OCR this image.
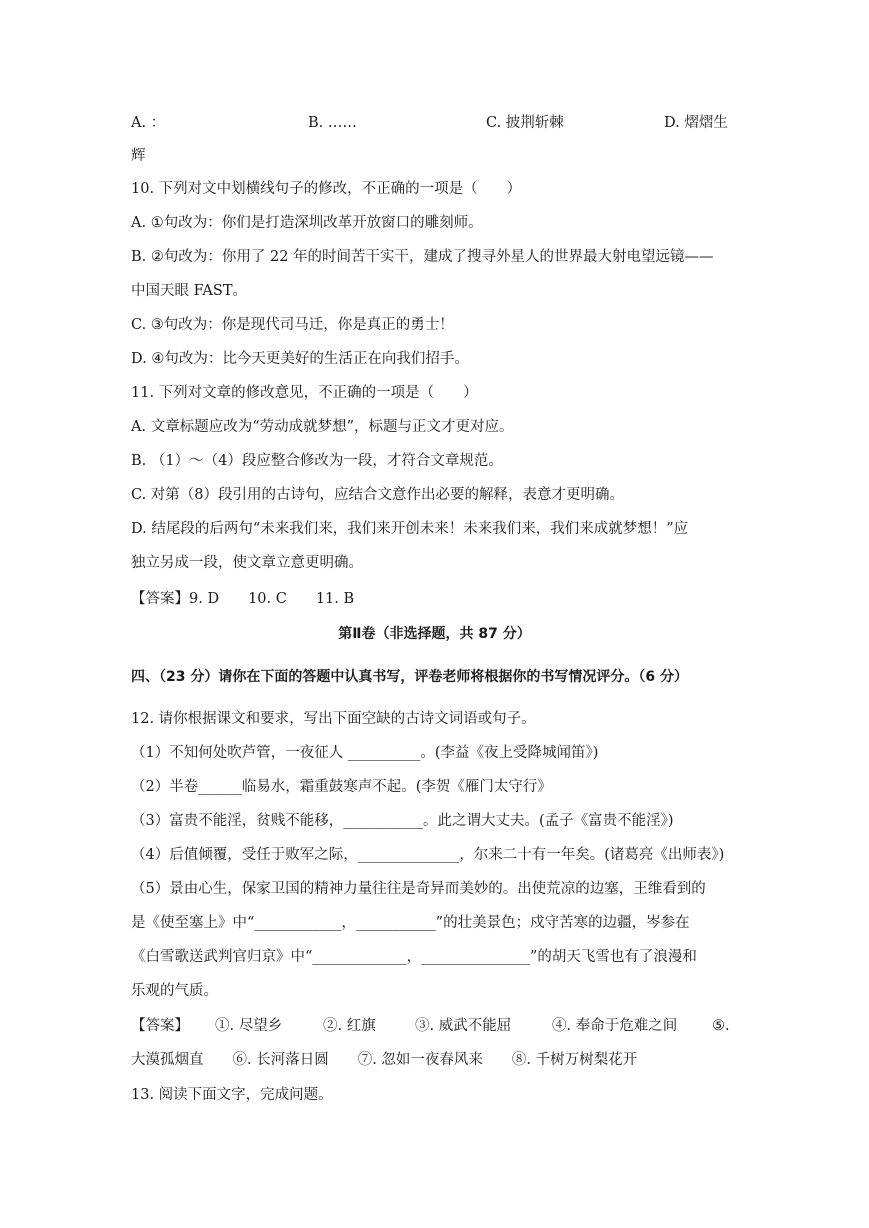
A. ：	B. ……	C. 披荆斩棘	D. 熠熠生
辉
10. 下列对文中划横线句子的修改，不正确的一项是（　　）
A. ①句改为：你们是打造深圳改革开放窗口的雕刻师。
B. ②句改为：你用了 22 年的时间苦干实干，建成了搜寻外星人的世界最大射电望远镜——
中国天眼 FAST。
C. ③句改为：你是现代司马迁，你是真正的勇士！
D. ④句改为：比今天更美好的生活正在向我们招手。
11. 下列对文章的修改意见，不正确的一项是（　　）
A. 文章标题应改为“劳动成就梦想”，标题与正文才更对应。
B. （1）～（4）段应整合修改为一段，才符合文章规范。
C. 对第（8）段引用的古诗句，应结合文意作出必要的解释，表意才更明确。
D. 结尾段的后两句“未来我们来，我们来开创未来！未来我们来，我们来成就梦想！”应
独立另成一段，使文章立意更明确。
【答案】9. D　　10. C　　11. B
第Ⅱ卷（非选择题，共 87 分）
四、（23 分）请你在下面的答题中认真书写，评卷老师将根据你的书写情况评分。（6 分）
12. 请你根据课文和要求，写出下面空缺的古诗文词语或句子。
（1）不知何处吹芦管，一夜征人 __________。(李益《夜上受降城闻笛》)
（2）半卷______临易水，霜重鼓寒声不起。(李贺《雁门太守行》
（3）富贵不能淫，贫贱不能移，___________。此之谓大丈夫。(孟子《富贵不能淫》)
（4）后值倾覆，受任于败军之际，______________，尔来二十有一年矣。(诸葛亮《出师表》)
（5）景由心生，保家卫国的精神力量往往是奇异而美妙的。出使荒凉的边塞，王维看到的
是《使至塞上》中“____________，___________”的壮美景色；戍守苦寒的边疆，岑参在
《白雪歌送武判官归京》中“_____________，_______________”的胡天飞雪也有了浪漫和
乐观的气质。
【答案】 ①. 尽望乡	②. 红旗	③. 威武不能屈	④. 奉命于危难之间 ⑤.
大漠孤烟直　　⑥. 长河落日圆　　⑦. 忽如一夜春风来　　⑧. 千树万树梨花开
13. 阅读下面文字，完成问题。
